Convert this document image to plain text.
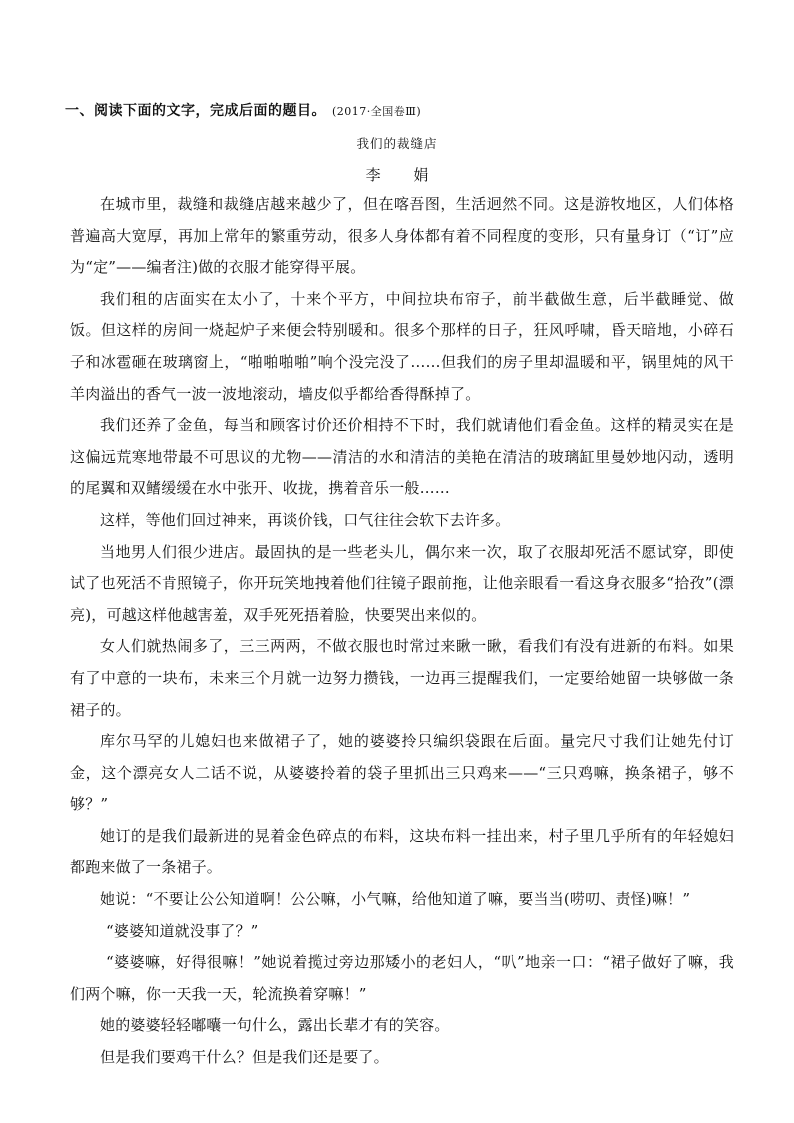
一、阅读下面的文字，完成后面的题目。 (2017·全国卷Ⅲ)
我们的裁缝店
李 娟

在城市里，裁缝和裁缝店越来越少了，但在喀吾图，生活迥然不同。这是游牧地区，人们体格普遍高大宽厚，再加上常年的繁重劳动，很多人身体都有着不同程度的变形，只有量身订（“订”应为“定”——编者注)做的衣服才能穿得平展。

我们租的店面实在太小了，十来个平方，中间拉块布帘子，前半截做生意，后半截睡觉、做饭。但这样的房间一烧起炉子来便会特别暖和。很多个那样的日子，狂风呼啸，昏天暗地，小碎石子和冰雹砸在玻璃窗上，“啪啪啪啪”响个没完没了……但我们的房子里却温暖和平，锅里炖的风干羊肉溢出的香气一波一波地滚动，墙皮似乎都给香得酥掉了。

我们还养了金鱼，每当和顾客讨价还价相持不下时，我们就请他们看金鱼。这样的精灵实在是这偏远荒寒地带最不可思议的尤物——清洁的水和清洁的美艳在清洁的玻璃缸里曼妙地闪动，透明的尾翼和双鳍缓缓在水中张开、收拢，携着音乐一般……

这样，等他们回过神来，再谈价钱，口气往往会软下去许多。

当地男人们很少进店。最固执的是一些老头儿，偶尔来一次，取了衣服却死活不愿试穿，即使试了也死活不肯照镜子，你开玩笑地拽着他们往镜子跟前拖，让他亲眼看一看这身衣服多“拾孜”(漂亮)，可越这样他越害羞，双手死死捂着脸，快要哭出来似的。

女人们就热闹多了，三三两两，不做衣服也时常过来瞅一瞅，看我们有没有进新的布料。如果有了中意的一块布，未来三个月就一边努力攒钱，一边再三提醒我们，一定要给她留一块够做一条裙子的。

库尔马罕的儿媳妇也来做裙子了，她的婆婆拎只编织袋跟在后面。量完尺寸我们让她先付订金，这个漂亮女人二话不说，从婆婆拎着的袋子里抓出三只鸡来——“三只鸡嘛，换条裙子，够不够？”

她订的是我们最新进的晃着金色碎点的布料，这块布料一挂出来，村子里几乎所有的年轻媳妇都跑来做了一条裙子。

她说：“不要让公公知道啊！公公嘛，小气嘛，给他知道了嘛，要当当(唠叨、责怪)嘛！”

“婆婆知道就没事了？”

“婆婆嘛，好得很嘛！”她说着揽过旁边那矮小的老妇人，“叭”地亲一口：“裙子做好了嘛，我们两个嘛，你一天我一天，轮流换着穿嘛！”

她的婆婆轻轻嘟囔一句什么，露出长辈才有的笑容。

但是我们要鸡干什么？但是我们还是要了。
